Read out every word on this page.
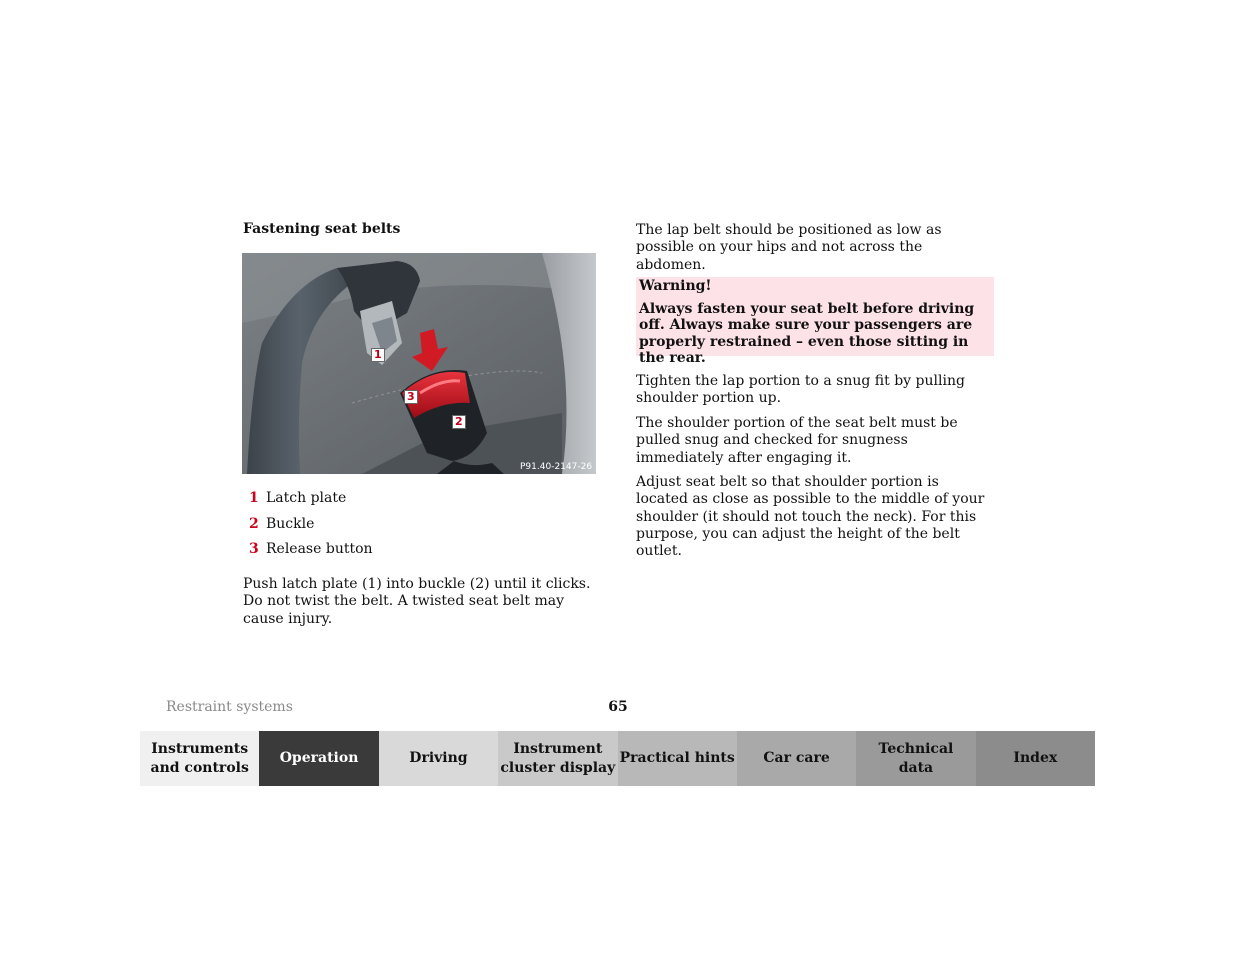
Fastening seat belts
P91.40-2147-26
1
2
3
1 Latch plate
2 Buckle
3 Release button

Push latch plate (1) into buckle (2) until it clicks. Do not twist the belt. A twisted seat belt may cause injury.

The lap belt should be positioned as low as possible on your hips and not across the abdomen.

Warning!
Always fasten your seat belt before driving off. Always make sure your passengers are properly restrained – even those sitting in the rear.

Tighten the lap portion to a snug fit by pulling shoulder portion up.

The shoulder portion of the seat belt must be pulled snug and checked for snugness immediately after engaging it.

Adjust seat belt so that shoulder portion is located as close as possible to the middle of your shoulder (it should not touch the neck). For this purpose, you can adjust the height of the belt outlet.

Restraint systems	65
Instruments
and controls
Operation	Driving
Instrument
cluster display
Practical hints Car care
Technical
data
Index
